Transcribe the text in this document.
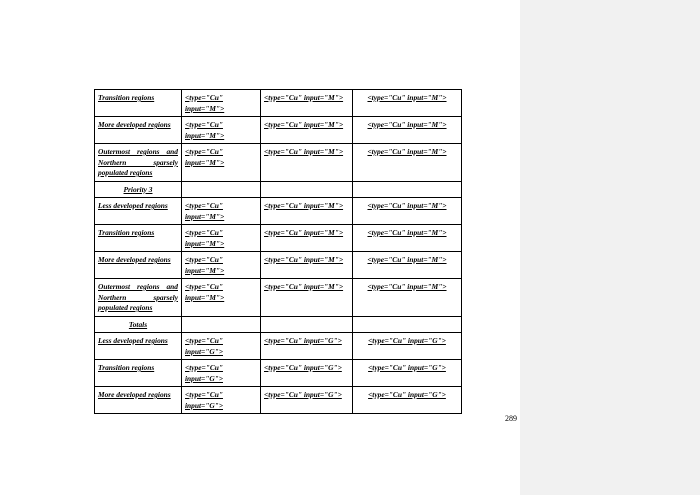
Transition regions	<type="Cu" input="M">	<type="Cu" input="M">	<type="Cu" input="M">
More developed regions	<type="Cu" input="M">	<type="Cu" input="M">	<type="Cu" input="M">
Outermost regions and Northern sparsely populated regions	<type="Cu" input="M">	<type="Cu" input="M">	<type="Cu" input="M">
Priority 3			
Less developed regions	<type="Cu" input="M">	<type="Cu" input="M">	<type="Cu" input="M">
Transition regions	<type="Cu" input="M">	<type="Cu" input="M">	<type="Cu" input="M">
More developed regions	<type="Cu" input="M">	<type="Cu" input="M">	<type="Cu" input="M">
Outermost regions and Northern sparsely populated regions	<type="Cu" input="M">	<type="Cu" input="M">	<type="Cu" input="M">
Totals			
Less developed regions	<type="Cu" input="G">	<type="Cu" input="G">	<type="Cu" input="G">
Transition regions	<type="Cu" input="G">	<type="Cu" input="G">	<type="Cu" input="G">
More developed regions	<type="Cu" input="G">	<type="Cu" input="G">	<type="Cu" input="G">
289
